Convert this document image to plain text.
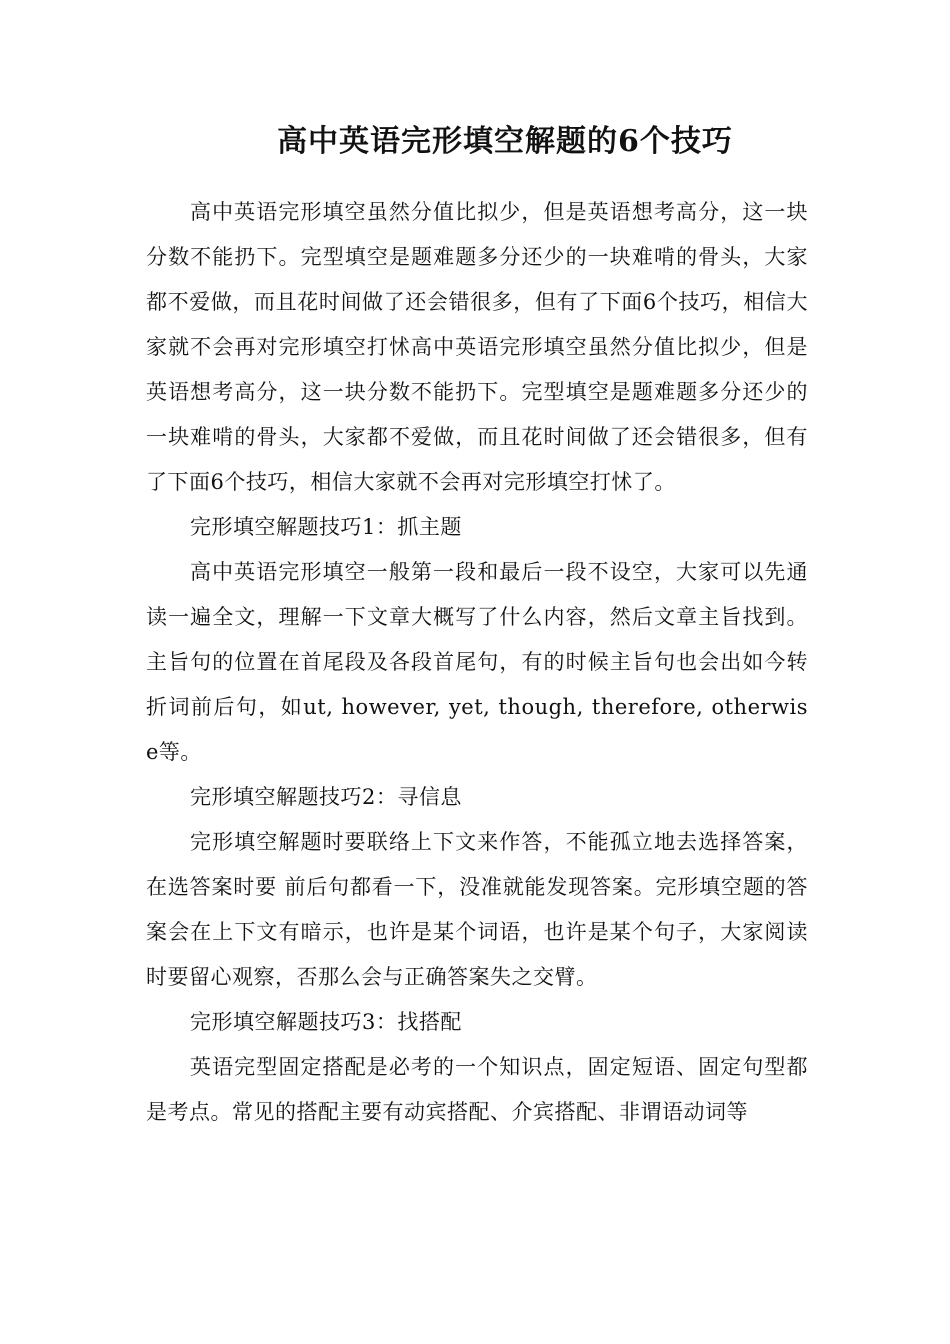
高中英语完形填空解题的6个技巧

高中英语完形填空虽然分值比拟少，但是英语想考高分，这一块分数不能扔下。完型填空是题难题多分还少的一块难啃的骨头，大家都不爱做，而且花时间做了还会错很多，但有了下面6个技巧，相信大家就不会再对完形填空打怵高中英语完形填空虽然分值比拟少，但是英语想考高分，这一块分数不能扔下。完型填空是题难题多分还少的一块难啃的骨头，大家都不爱做，而且花时间做了还会错很多，但有了下面6个技巧，相信大家就不会再对完形填空打怵了。

完形填空解题技巧1：抓主题

高中英语完形填空一般第一段和最后一段不设空，大家可以先通读一遍全文，理解一下文章大概写了什么内容，然后文章主旨找到。主旨句的位置在首尾段及各段首尾句，有的时候主旨句也会出如今转折词前后句，如ut, however, yet, though, therefore, otherwise等。

完形填空解题技巧2：寻信息

完形填空解题时要联络上下文来作答，不能孤立地去选择答案，在选答案时要 前后句都看一下，没准就能发现答案。完形填空题的答案会在上下文有暗示，也许是某个词语，也许是某个句子，大家阅读时要留心观察，否那么会与正确答案失之交臂。

完形填空解题技巧3：找搭配

英语完型固定搭配是必考的一个知识点，固定短语、固定句型都是考点。常见的搭配主要有动宾搭配、介宾搭配、非谓语动词等
